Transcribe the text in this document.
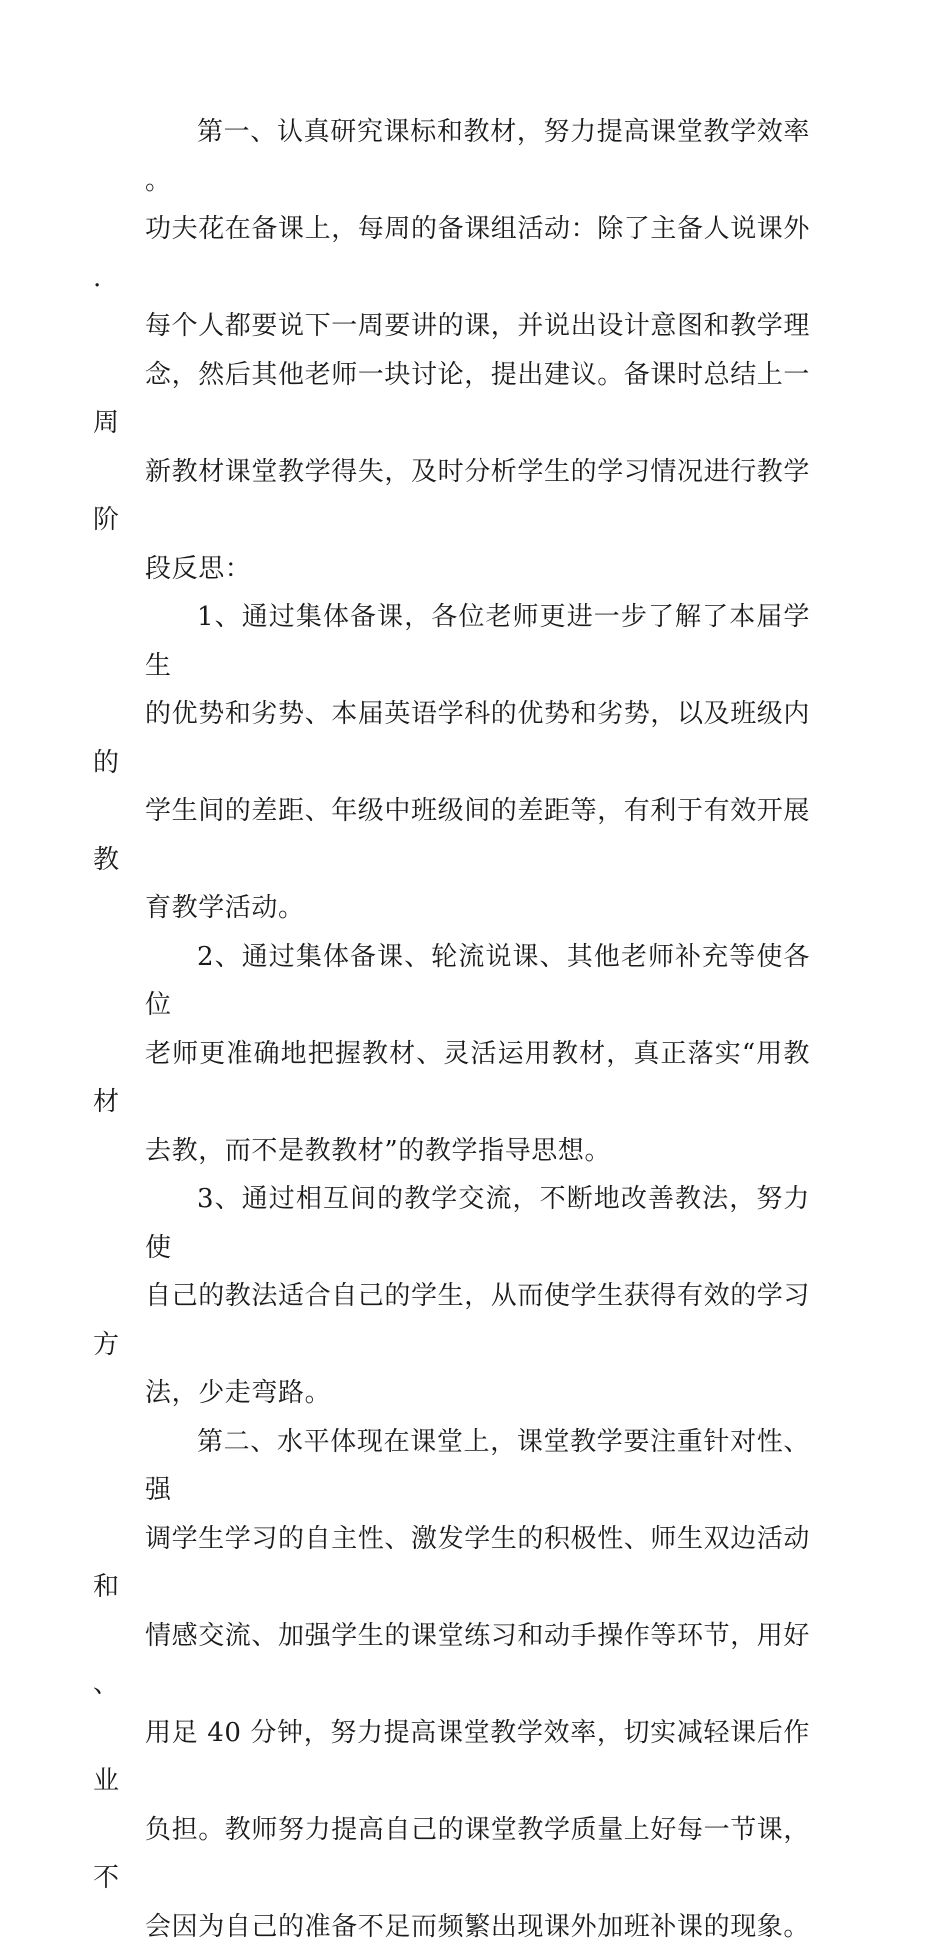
第一、认真研究课标和教材，努力提高课堂教学效率。
功夫花在备课上，每周的备课组活动：除了主备人说课外.
每个人都要说下一周要讲的课，并说出设计意图和教学理
念，然后其他老师一块讨论，提出建议。备课时总结上一周
新教材课堂教学得失，及时分析学生的学习情况进行教学阶
段反思：

1、通过集体备课，各位老师更进一步了解了本届学生
的优势和劣势、本届英语学科的优势和劣势，以及班级内的
学生间的差距、年级中班级间的差距等，有利于有效开展教
育教学活动。

2、通过集体备课、轮流说课、其他老师补充等使各位
老师更准确地把握教材、灵活运用教材，真正落实“用教材
去教，而不是教教材”的教学指导思想。

3、通过相互间的教学交流，不断地改善教法，努力使
自己的教法适合自己的学生，从而使学生获得有效的学习方
法，少走弯路。

第二、水平体现在课堂上，课堂教学要注重针对性、强
调学生学习的自主性、激发学生的积极性、师生双边活动和
情感交流、加强学生的课堂练习和动手操作等环节，用好、
用足 40 分钟，努力提高课堂教学效率，切实减轻课后作业
负担。教师努力提高自己的课堂教学质量上好每一节课，不
会因为自己的准备不足而频繁出现课外加班补课的现象。
